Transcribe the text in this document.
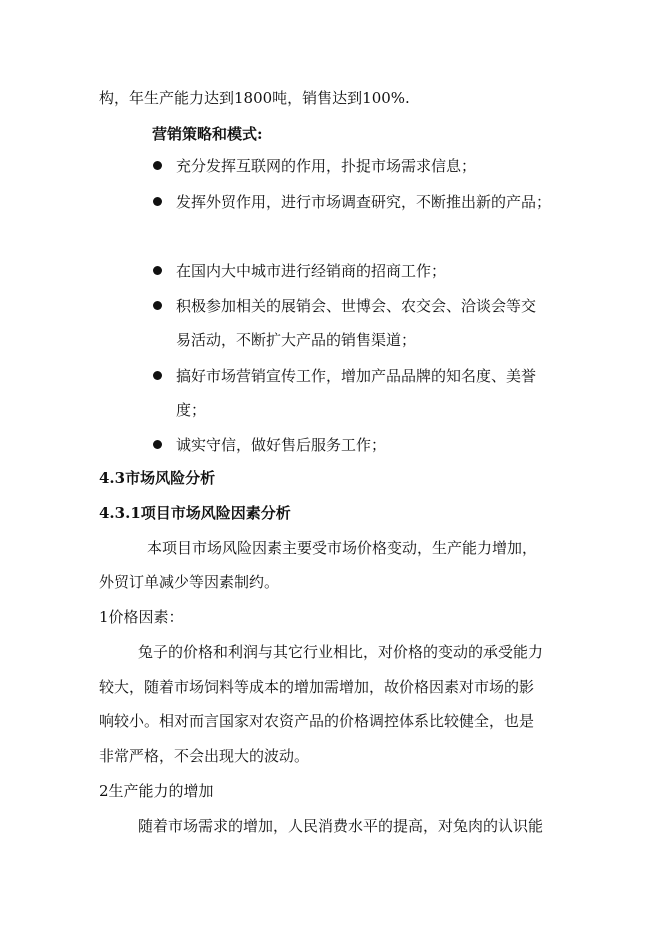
构，年生产能力达到1800吨，销售达到100%.
营销策略和模式:
充分发挥互联网的作用，扑捉市场需求信息；
发挥外贸作用，进行市场调查研究，不断推出新的产品；
在国内大中城市进行经销商的招商工作；
积极参加相关的展销会、世博会、农交会、洽谈会等交
易活动，不断扩大产品的销售渠道；
搞好市场营销宣传工作，增加产品品牌的知名度、美誉
度；
诚实守信，做好售后服务工作；
4.3市场风险分析
4.3.1项目市场风险因素分析
本项目市场风险因素主要受市场价格变动，生产能力增加，
外贸订单减少等因素制约。
1价格因素：
兔子的价格和利润与其它行业相比，对价格的变动的承受能力
较大，随着市场饲料等成本的增加需增加，故价格因素对市场的影
响较小。相对而言国家对农资产品的价格调控体系比较健全，也是
非常严格，不会出现大的波动。
2生产能力的增加
随着市场需求的增加，人民消费水平的提高，对兔肉的认识能
